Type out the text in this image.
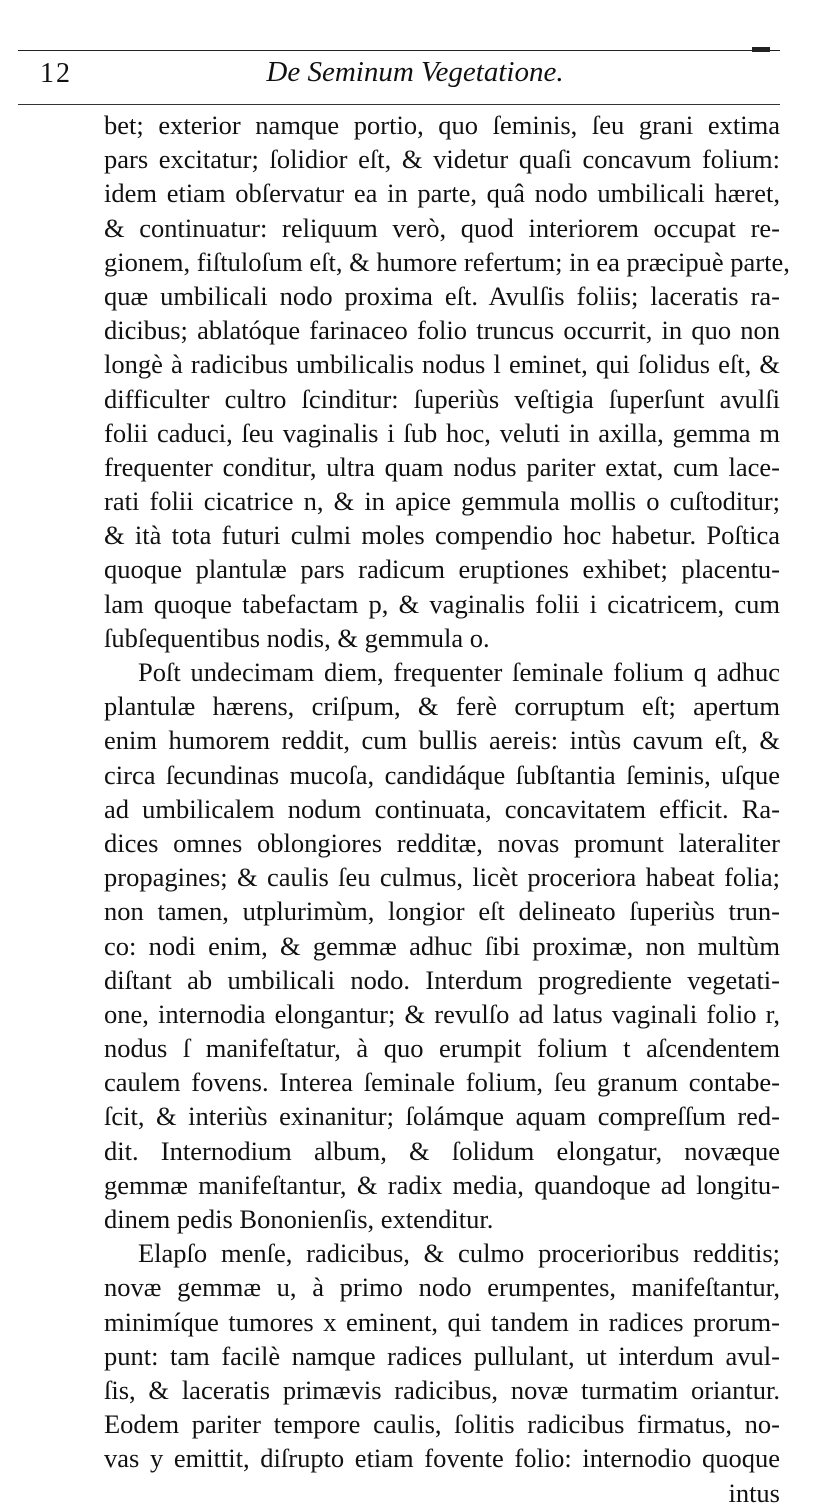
12	De Seminum Vegetatione.
bet; exterior namque portio, quo ſeminis, ſeu grani extima
pars excitatur; ſolidior eſt, & videtur quaſi concavum folium:
idem etiam obſervatur ea in parte, quâ nodo umbilicali hæret,
& continuatur: reliquum verò, quod interiorem occupat re-
gionem, fiſtuloſum eſt, & humore refertum; in ea præcipuè parte,
quæ umbilicali nodo proxima eſt. Avulſis foliis; laceratis ra-
dicibus; ablatóque farinaceo folio truncus occurrit, in quo non
longè à radicibus umbilicalis nodus l eminet, qui ſolidus eſt, &
difficulter cultro ſcinditur: ſuperiùs veſtigia ſuperſunt avulſi
folii caduci, ſeu vaginalis i ſub hoc, veluti in axilla, gemma m
frequenter conditur, ultra quam nodus pariter extat, cum lace-
rati folii cicatrice n, & in apice gemmula mollis o cuſtoditur;
& ità tota futuri culmi moles compendio hoc habetur. Poſtica
quoque plantulæ pars radicum eruptiones exhibet; placentu-
lam quoque tabefactam p, & vaginalis folii i cicatricem, cum
ſubſequentibus nodis, & gemmula o.
Poſt undecimam diem, frequenter ſeminale folium q adhuc
plantulæ hærens, criſpum, & ferè corruptum eſt; apertum
enim humorem reddit, cum bullis aereis: intùs cavum eſt, &
circa ſecundinas mucoſa, candidáque ſubſtantia ſeminis, uſque
ad umbilicalem nodum continuata, concavitatem efficit. Ra-
dices omnes oblongiores redditæ, novas promunt lateraliter
propagines; & caulis ſeu culmus, licèt proceriora habeat folia;
non tamen, utplurimùm, longior eſt delineato ſuperiùs trun-
co: nodi enim, & gemmæ adhuc ſibi proximæ, non multùm
diſtant ab umbilicali nodo. Interdum progrediente vegetati-
one, internodia elongantur; & revulſo ad latus vaginali folio r,
nodus ſ manifeſtatur, à quo erumpit folium t aſcendentem
caulem fovens. Interea ſeminale folium, ſeu granum contabe-
ſcit, & interiùs exinanitur; ſolámque aquam compreſſum red-
dit. Internodium album, & ſolidum elongatur, novæque
gemmæ manifeſtantur, & radix media, quandoque ad longitu-
dinem pedis Bononienſis, extenditur.
Elapſo menſe, radicibus, & culmo procerioribus redditis;
novæ gemmæ u, à primo nodo erumpentes, manifeſtantur,
minimíque tumores x eminent, qui tandem in radices prorum-
punt: tam facilè namque radices pullulant, ut interdum avul-
ſis, & laceratis primævis radicibus, novæ turmatim oriantur.
Eodem pariter tempore caulis, ſolitis radicibus firmatus, no-
vas y emittit, diſrupto etiam fovente folio: internodio quoque
intus
